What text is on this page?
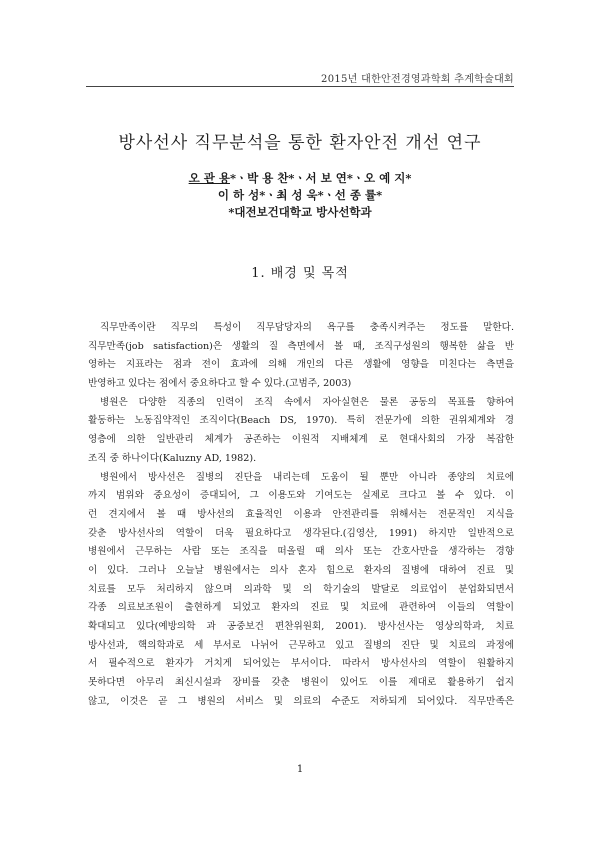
2015년 대한안전경영과학회 추계학술대회
방사선사 직무분석을 통한 환자안전 개선 연구
오 관 용*ㆍ박 용 찬*ㆍ서 보 연*ㆍ오 예 지*
이 하 성*ㆍ최 성 욱*ㆍ선 종 률*
*대전보건대학교 방사선학과
1. 배경 및 목적
직무만족이란 직무의 특성이 직무담당자의 욕구를 충족시켜주는 정도를 말한다.
직무만족(job satisfaction)은 생활의 질 측면에서 볼 때, 조직구성원의 행복한 삶을 반
영하는 지표라는 점과 전이 효과에 의해 개인의 다른 생활에 영향을 미친다는 측면을
반영하고 있다는 점에서 중요하다고 할 수 있다.(고범주, 2003)
병원은 다양한 직종의 인력이 조직 속에서 자아실현은 물론 공동의 목표를 향하여
활동하는 노동집약적인 조직이다(Beach DS, 1970). 특히 전문가에 의한 권위체계와 경
영층에 의한 일반관리 체계가 공존하는 이원적 지배체계 로 현대사회의 가장 복잡한
조직 중 하나이다(Kaluzny AD, 1982).
병원에서 방사선은 질병의 진단을 내리는데 도움이 될 뿐만 아니라 종양의 치료에
까지 범위와 중요성이 증대되어, 그 이용도와 기여도는 실제로 크다고 볼 수 있다. 이
런 견지에서 볼 때 방사선의 효율적인 이용과 안전관리를 위해서는 전문적인 지식을
갖춘 방사선사의 역할이 더욱 필요하다고 생각된다.(김영산, 1991) 하지만 일반적으로
병원에서 근무하는 사람 또는 조직을 떠올릴 때 의사 또는 간호사만을 생각하는 경향
이 있다. 그러나 오늘날 병원에서는 의사 혼자 힘으로 환자의 질병에 대하여 진료 및
치료를 모두 처리하지 않으며 의과학 및 의 학기술의 발달로 의료업이 분업화되면서
각종 의료보조원이 출현하게 되었고 환자의 진료 및 치료에 관련하여 이들의 역할이
확대되고 있다(예방의학 과 공중보건 편찬위원회, 2001). 방사선사는 영상의학과, 치료
방사선과, 핵의학과로 세 부서로 나뉘어 근무하고 있고 질병의 진단 및 치료의 과정에
서 필수적으로 환자가 거치게 되어있는 부서이다. 따라서 방사선사의 역할이 원활하지
못하다면 아무리 최신시설과 장비를 갖춘 병원이 있어도 이를 제대로 활용하기 쉽지
않고, 이것은 곧 그 병원의 서비스 및 의료의 수준도 저하되게 되어있다. 직무만족은
1
